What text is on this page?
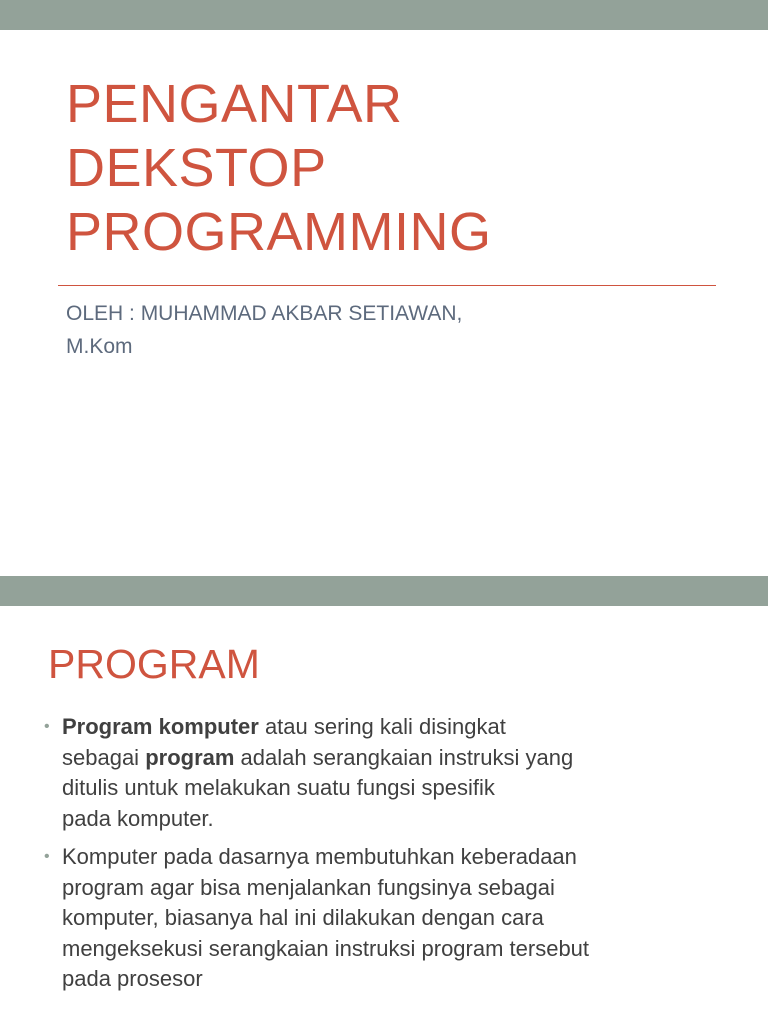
PENGANTAR
DEKSTOP
PROGRAMMING
OLEH : MUHAMMAD AKBAR SETIAWAN,
M.Kom
PROGRAM
• Program komputer atau sering kali disingkat
sebagai program adalah serangkaian instruksi yang
ditulis untuk melakukan suatu fungsi spesifik
pada komputer.
• Komputer pada dasarnya membutuhkan keberadaan
program agar bisa menjalankan fungsinya sebagai
komputer, biasanya hal ini dilakukan dengan cara
mengeksekusi serangkaian instruksi program tersebut
pada prosesor
